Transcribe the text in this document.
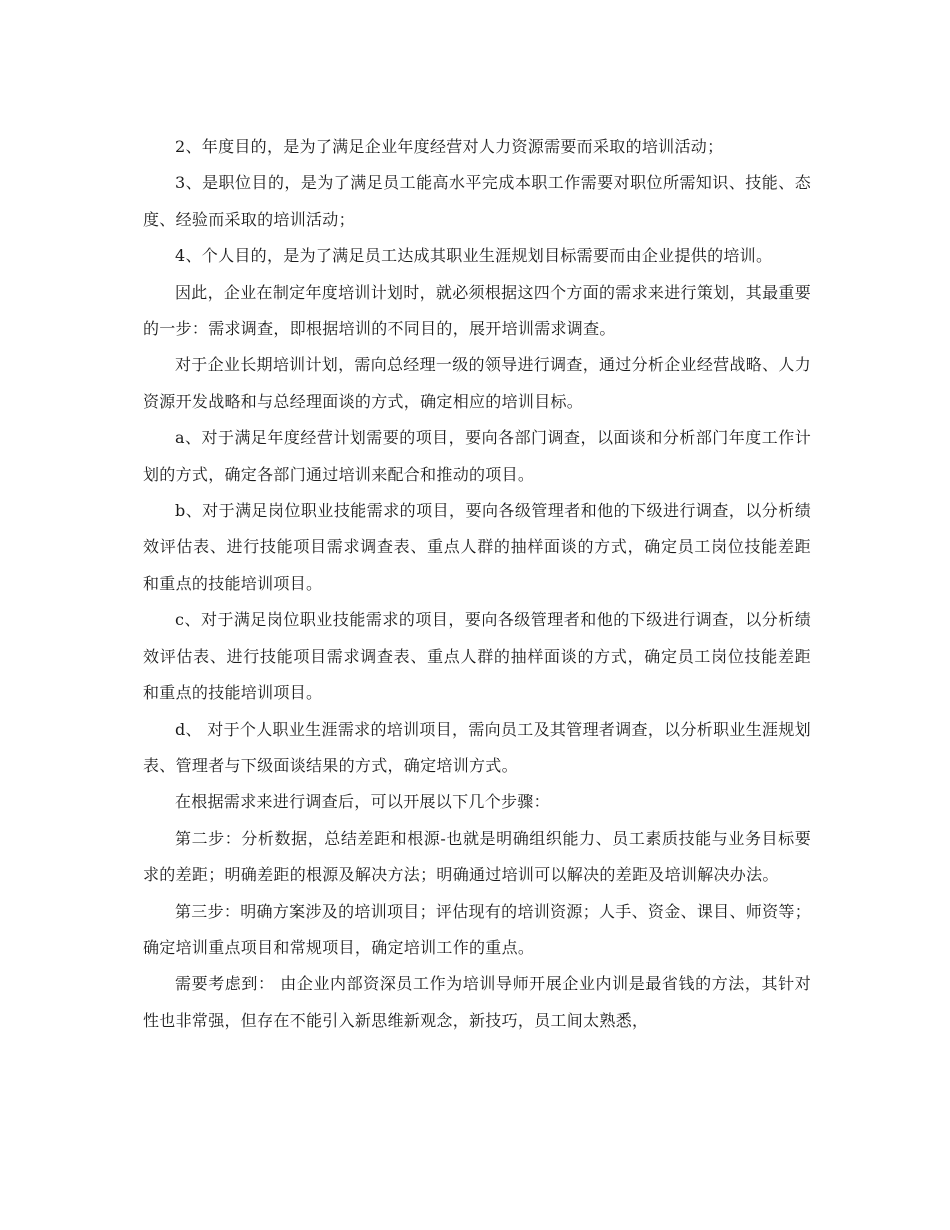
2、年度目的，是为了满足企业年度经营对人力资源需要而采取的培训活动；

3、是职位目的，是为了满足员工能高水平完成本职工作需要对职位所需知识、技能、态度、经验而采取的培训活动；

4、个人目的，是为了满足员工达成其职业生涯规划目标需要而由企业提供的培训。

因此，企业在制定年度培训计划时，就必须根据这四个方面的需求来进行策划，其最重要的一步：需求调查，即根据培训的不同目的，展开培训需求调查。

对于企业长期培训计划，需向总经理一级的领导进行调查，通过分析企业经营战略、人力资源开发战略和与总经理面谈的方式，确定相应的培训目标。

a、对于满足年度经营计划需要的项目，要向各部门调查，以面谈和分析部门年度工作计划的方式，确定各部门通过培训来配合和推动的项目。

b、对于满足岗位职业技能需求的项目，要向各级管理者和他的下级进行调查，以分析绩效评估表、进行技能项目需求调查表、重点人群的抽样面谈的方式，确定员工岗位技能差距和重点的技能培训项目。

c、对于满足岗位职业技能需求的项目，要向各级管理者和他的下级进行调查，以分析绩效评估表、进行技能项目需求调查表、重点人群的抽样面谈的方式，确定员工岗位技能差距和重点的技能培训项目。

d、 对于个人职业生涯需求的培训项目，需向员工及其管理者调查，以分析职业生涯规划表、管理者与下级面谈结果的方式，确定培训方式。

在根据需求来进行调查后，可以开展以下几个步骤：

第二步：分析数据，总结差距和根源-也就是明确组织能力、员工素质技能与业务目标要求的差距；明确差距的根源及解决方法；明确通过培训可以解决的差距及培训解决办法。

第三步：明确方案涉及的培训项目；评估现有的培训资源；人手、资金、课目、师资等；确定培训重点项目和常规项目，确定培训工作的重点。

需要考虑到： 由企业内部资深员工作为培训导师开展企业内训是最省钱的方法，其针对性也非常强，但存在不能引入新思维新观念，新技巧，员工间太熟悉，
